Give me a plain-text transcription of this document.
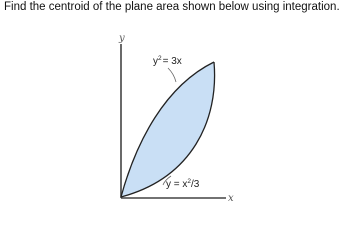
Find the centroid of the plane area shown below using integration.
y
x
$y^2= 3x$
$y = x^2/3$
